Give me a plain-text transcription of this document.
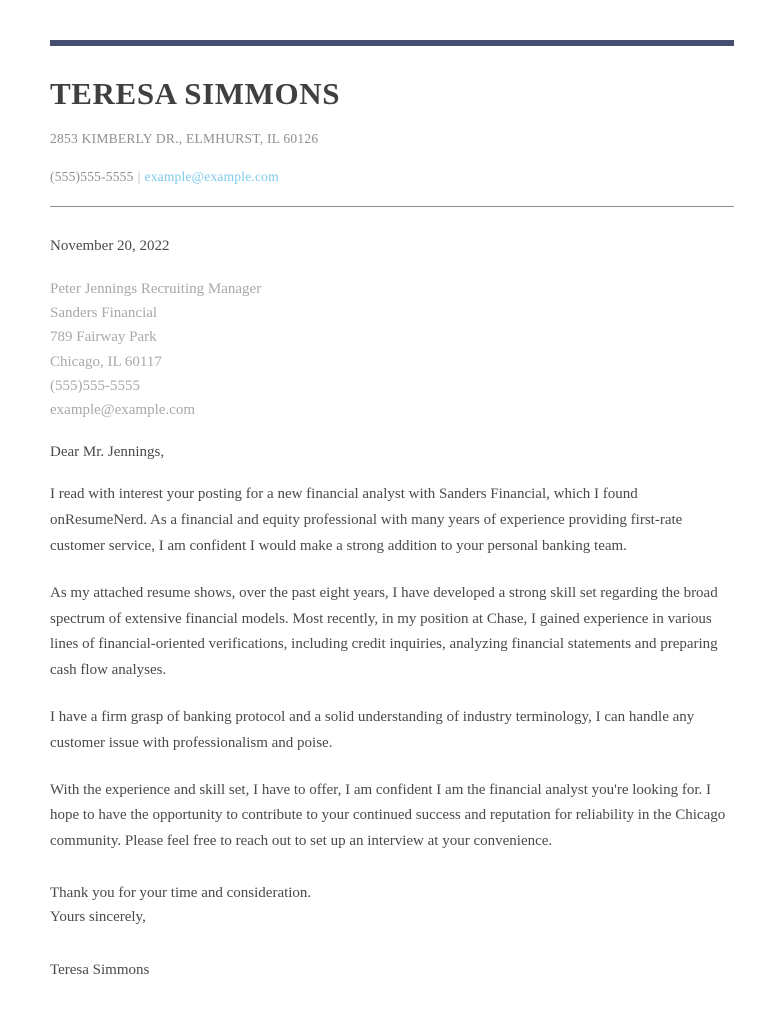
TERESA SIMMONS
2853 KIMBERLY DR., ELMHURST, IL 60126
(555)555-5555 | example@example.com
November 20, 2022
Peter Jennings Recruiting Manager
Sanders Financial
789 Fairway Park
Chicago, IL 60117
(555)555-5555
example@example.com
Dear Mr. Jennings,

I read with interest your posting for a new financial analyst with Sanders Financial, which I found onResumeNerd. As a financial and equity professional with many years of experience providing first-rate customer service, I am confident I would make a strong addition to your personal banking team.

As my attached resume shows, over the past eight years, I have developed a strong skill set regarding the broad spectrum of extensive financial models. Most recently, in my position at Chase, I gained experience in various lines of financial-oriented verifications, including credit inquiries, analyzing financial statements and preparing cash flow analyses.

I have a firm grasp of banking protocol and a solid understanding of industry terminology, I can handle any customer issue with professionalism and poise.

With the experience and skill set, I have to offer, I am confident I am the financial analyst you're looking for. I hope to have the opportunity to contribute to your continued success and reputation for reliability in the Chicago community. Please feel free to reach out to set up an interview at your convenience.

Thank you for your time and consideration.
Yours sincerely,
Teresa Simmons
